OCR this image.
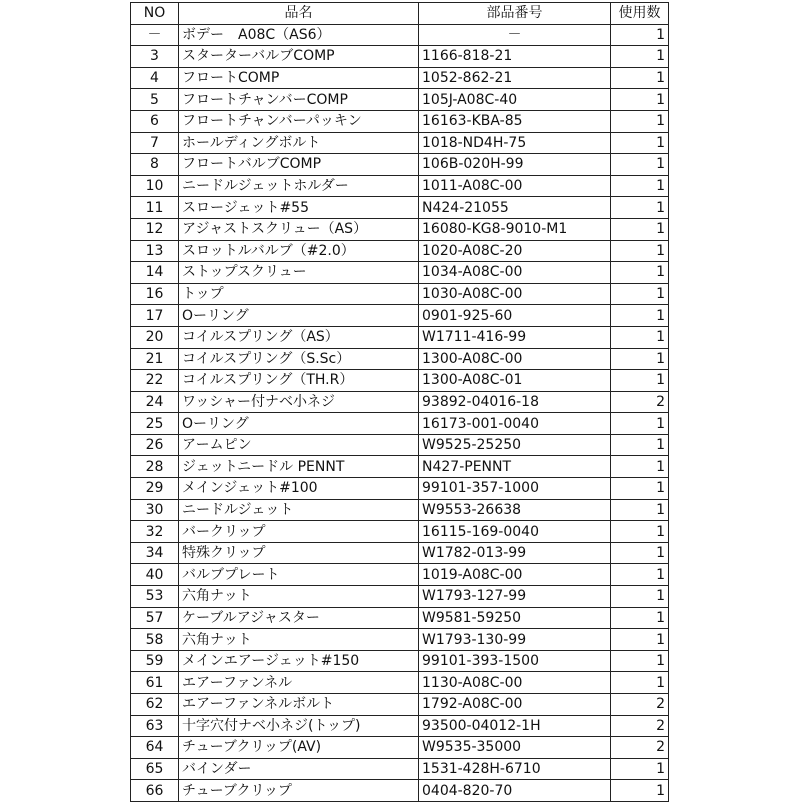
NO	品名	部品番号	使用数
－	ボデー　A08C（AS6）	－	1
3	スターターバルブCOMP	1166-818-21	1
4	フロートCOMP	1052-862-21	1
5	フロートチャンバーCOMP	105J-A08C-40	1
6	フロートチャンバーパッキン	16163-KBA-85	1
7	ホールディングボルト	1018-ND4H-75	1
8	フロートバルブCOMP	106B-020H-99	1
10	ニードルジェットホルダー	1011-A08C-00	1
11	スロージェット#55	N424-21055	1
12	アジャストスクリュー（AS）	16080-KG8-9010-M1	1
13	スロットルバルブ（#2.0）	1020-A08C-20	1
14	ストップスクリュー	1034-A08C-00	1
16	トップ	1030-A08C-00	1
17	Oーリング	0901-925-60	1
20	コイルスプリング（AS）	W1711-416-99	1
21	コイルスプリング（S.Sc）	1300-A08C-00	1
22	コイルスプリング（TH.R）	1300-A08C-01	1
24	ワッシャー付ナベ小ネジ	93892-04016-18	2
25	Oーリング	16173-001-0040	1
26	アームピン	W9525-25250	1
28	ジェットニードル PENNT	N427-PENNT	1
29	メインジェット#100	99101-357-1000	1
30	ニードルジェット	W9553-26638	1
32	バークリップ	16115-169-0040	1
34	特殊クリップ	W1782-013-99	1
40	バルブプレート	1019-A08C-00	1
53	六角ナット	W1793-127-99	1
57	ケーブルアジャスター	W9581-59250	1
58	六角ナット	W1793-130-99	1
59	メインエアージェット#150	99101-393-1500	1
61	エアーファンネル	1130-A08C-00	1
62	エアーファンネルボルト	1792-A08C-00	2
63	十字穴付ナベ小ネジ(トップ)	93500-04012-1H	2
64	チューブクリップ(AV)	W9535-35000	2
65	バインダー	1531-428H-6710	1
66	チューブクリップ	0404-820-70	1
